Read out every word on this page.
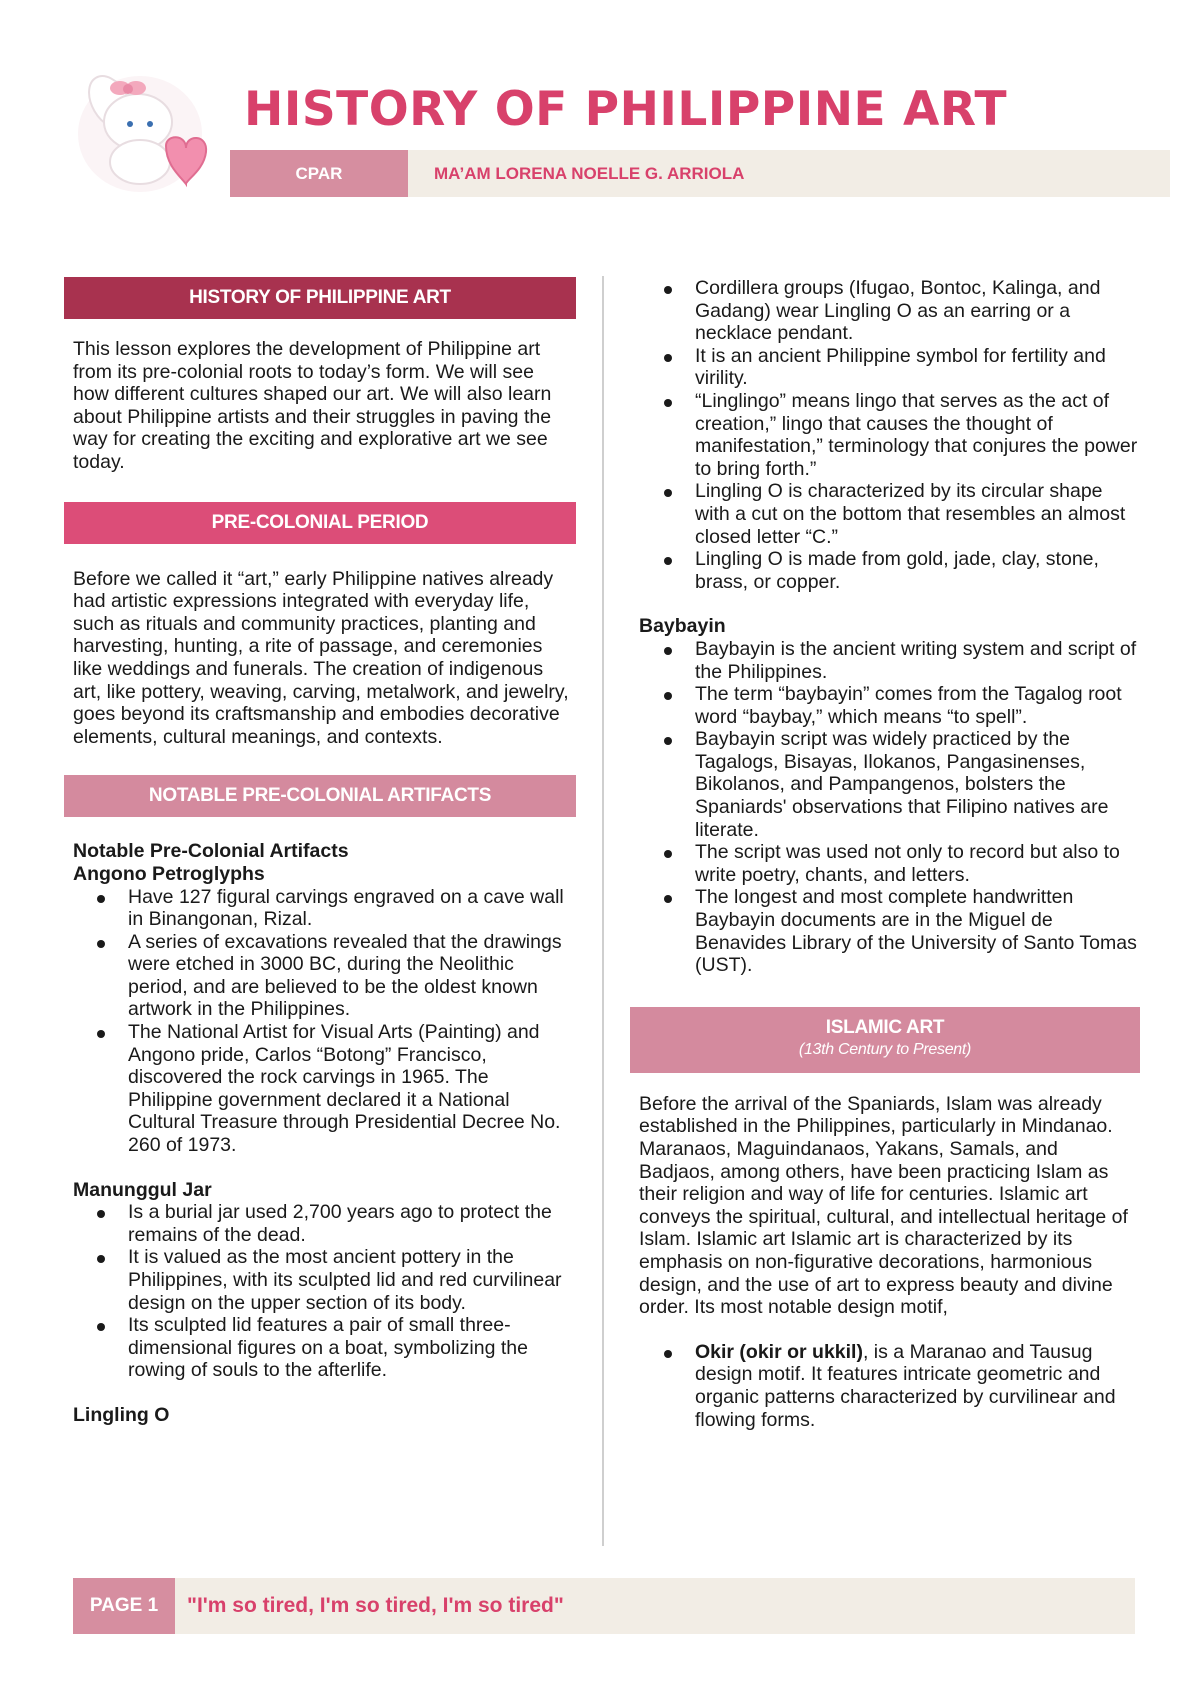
HISTORY OF PHILIPPINE ART
CPAR	MA’AM LORENA NOELLE G. ARRIOLA
HISTORY OF PHILIPPINE ART

This lesson explores the development of Philippine art from its pre-colonial roots to today’s form. We will see how different cultures shaped our art. We will also learn about Philippine artists and their struggles in paving the way for creating the exciting and explorative art we see today.

PRE-COLONIAL PERIOD

Before we called it “art,” early Philippine natives already had artistic expressions integrated with everyday life, such as rituals and community practices, planting and harvesting, hunting, a rite of passage, and ceremonies like weddings and funerals. The creation of indigenous art, like pottery, weaving, carving, metalwork, and jewelry, goes beyond its craftsmanship and embodies decorative elements, cultural meanings, and contexts.

NOTABLE PRE-COLONIAL ARTIFACTS
Notable Pre-Colonial Artifacts
Angono Petroglyphs
Have 127 figural carvings engraved on a cave wall in Binangonan, Rizal.
A series of excavations revealed that the drawings were etched in 3000 BC, during the Neolithic period, and are believed to be the oldest known artwork in the Philippines.
The National Artist for Visual Arts (Painting) and Angono pride, Carlos “Botong” Francisco, discovered the rock carvings in 1965. The Philippine government declared it a National Cultural Treasure through Presidential Decree No. 260 of 1973.
Manunggul Jar
Is a burial jar used 2,700 years ago to protect the remains of the dead.
It is valued as the most ancient pottery in the Philippines, with its sculpted lid and red curvilinear design on the upper section of its body.
Its sculpted lid features a pair of small three-dimensional figures on a boat, symbolizing the rowing of souls to the afterlife.
Lingling O
Cordillera groups (Ifugao, Bontoc, Kalinga, and Gadang) wear Lingling O as an earring or a necklace pendant.
It is an ancient Philippine symbol for fertility and virility.
“Linglingo” means lingo that serves as the act of creation,” lingo that causes the thought of manifestation,” terminology that conjures the power to bring forth.”
Lingling O is characterized by its circular shape with a cut on the bottom that resembles an almost closed letter “C.”
Lingling O is made from gold, jade, clay, stone, brass, or copper.
Baybayin
Baybayin is the ancient writing system and script of the Philippines.
The term “baybayin” comes from the Tagalog root word “baybay,” which means “to spell”.
Baybayin script was widely practiced by the Tagalogs, Bisayas, Ilokanos, Pangasinenses, Bikolanos, and Pampangenos, bolsters the Spaniards' observations that Filipino natives are literate.
The script was used not only to record but also to write poetry, chants, and letters.
The longest and most complete handwritten Baybayin documents are in the Miguel de Benavides Library of the University of Santo Tomas (UST).
ISLAMIC ART
(13th Century to Present)

Before the arrival of the Spaniards, Islam was already established in the Philippines, particularly in Mindanao. Maranaos, Maguindanaos, Yakans, Samals, and Badjaos, among others, have been practicing Islam as their religion and way of life for centuries. Islamic art conveys the spiritual, cultural, and intellectual heritage of Islam. Islamic art Islamic art is characterized by its emphasis on non-figurative decorations, harmonious design, and the use of art to express beauty and divine order. Its most notable design motif,

Okir (okir or ukkil), is a Maranao and Tausug design motif. It features intricate geometric and organic patterns characterized by curvilinear and flowing forms.
PAGE 1	"I'm so tired, I'm so tired, I'm so tired"
